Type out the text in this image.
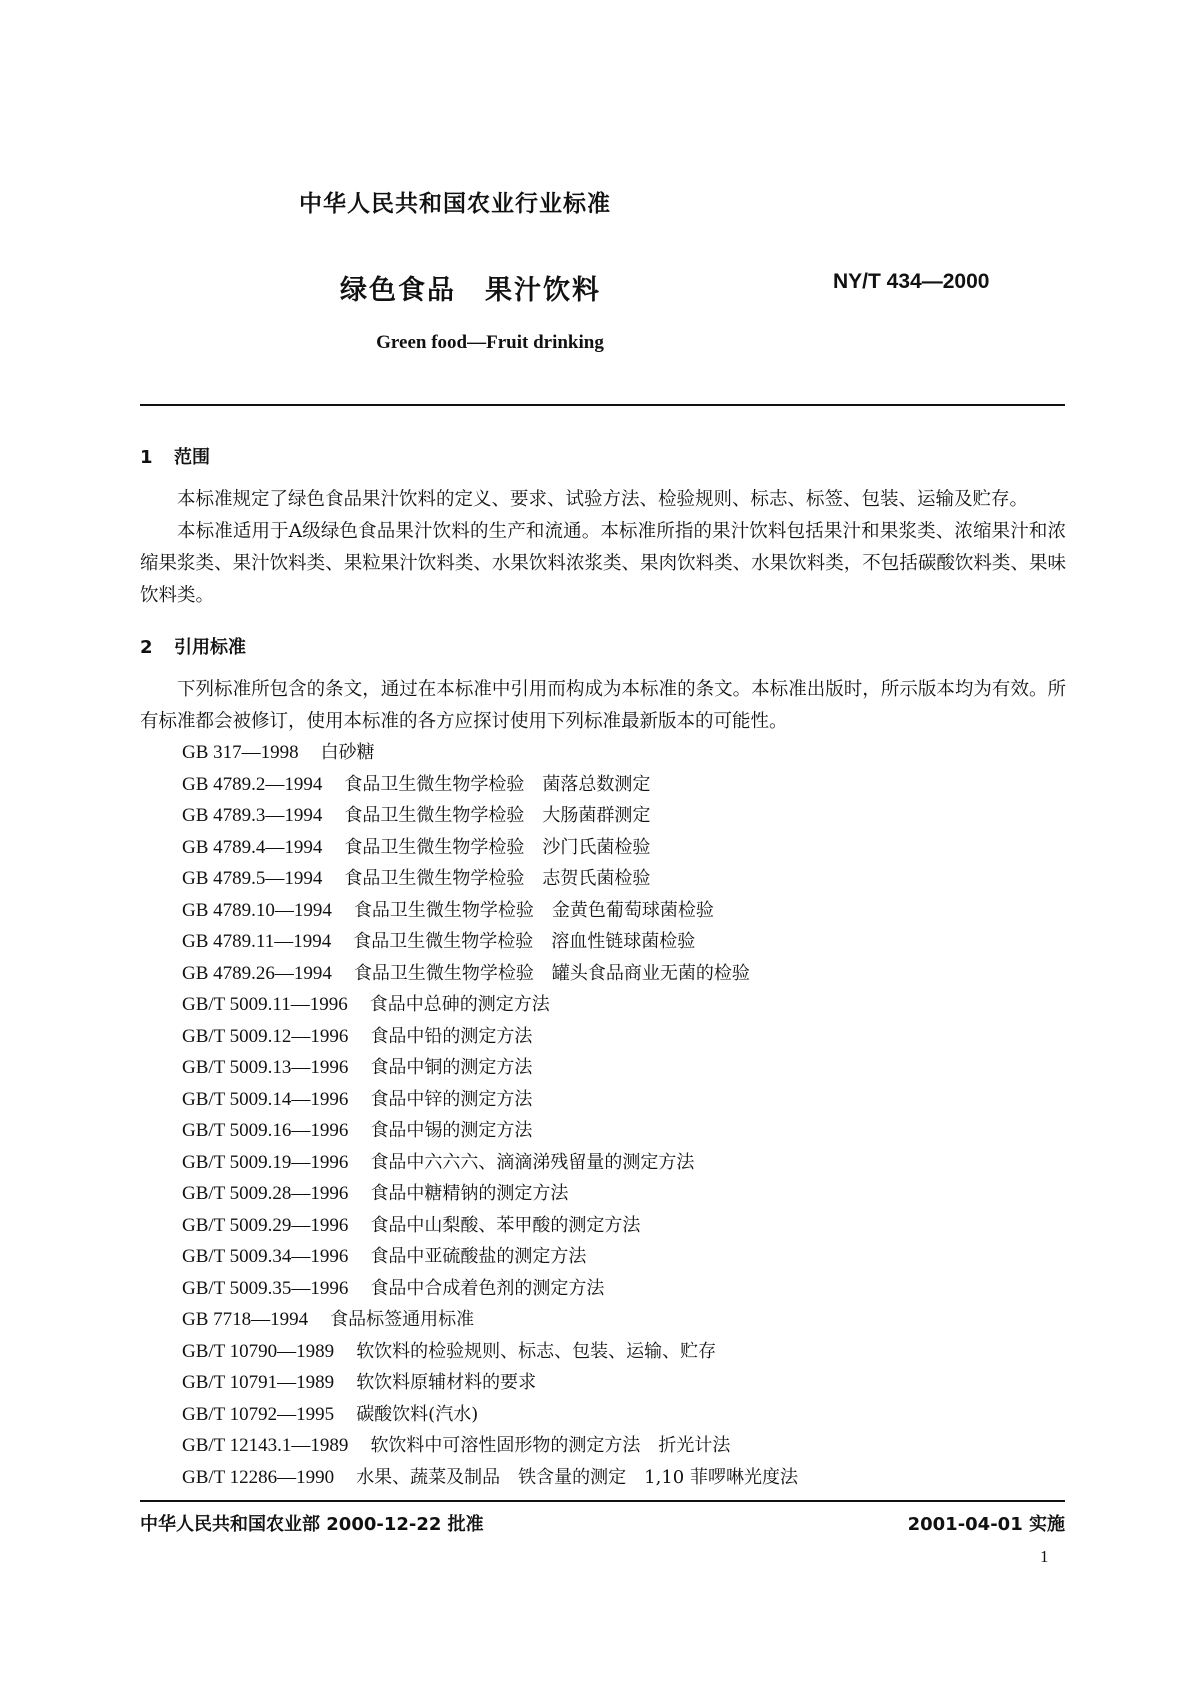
中华人民共和国农业行业标准
绿色食品　果汁饮料	NY/T 434—2000
Green food—Fruit drinking
1 范围

本标准规定了绿色食品果汁饮料的定义、要求、试验方法、检验规则、标志、标签、包装、运输及贮存。

本标准适用于A级绿色食品果汁饮料的生产和流通。本标准所指的果汁饮料包括果汁和果浆类、浓缩果汁和浓缩果浆类、果汁饮料类、果粒果汁饮料类、水果饮料浓浆类、果肉饮料类、水果饮料类，不包括碳酸饮料类、果味饮料类。

2 引用标准

下列标准所包含的条文，通过在本标准中引用而构成为本标准的条文。本标准出版时，所示版本均为有效。所有标准都会被修订，使用本标准的各方应探讨使用下列标准最新版本的可能性。

GB 317—1998 白砂糖
GB 4789.2—1994 食品卫生微生物学检验　菌落总数测定
GB 4789.3—1994 食品卫生微生物学检验　大肠菌群测定
GB 4789.4—1994 食品卫生微生物学检验　沙门氏菌检验
GB 4789.5—1994 食品卫生微生物学检验　志贺氏菌检验
GB 4789.10—1994 食品卫生微生物学检验　金黄色葡萄球菌检验
GB 4789.11—1994 食品卫生微生物学检验　溶血性链球菌检验
GB 4789.26—1994 食品卫生微生物学检验　罐头食品商业无菌的检验
GB/T 5009.11—1996 食品中总砷的测定方法
GB/T 5009.12—1996 食品中铅的测定方法
GB/T 5009.13—1996 食品中铜的测定方法
GB/T 5009.14—1996 食品中锌的测定方法
GB/T 5009.16—1996 食品中锡的测定方法
GB/T 5009.19—1996 食品中六六六、滴滴涕残留量的测定方法
GB/T 5009.28—1996 食品中糖精钠的测定方法
GB/T 5009.29—1996 食品中山梨酸、苯甲酸的测定方法
GB/T 5009.34—1996 食品中亚硫酸盐的测定方法
GB/T 5009.35—1996 食品中合成着色剂的测定方法
GB 7718—1994 食品标签通用标准
GB/T 10790—1989 软饮料的检验规则、标志、包装、运输、贮存
GB/T 10791—1989 软饮料原辅材料的要求
GB/T 10792—1995 碳酸饮料(汽水)
GB/T 12143.1—1989 软饮料中可溶性固形物的测定方法　折光计法
GB/T 12286—1990 水果、蔬菜及制品　铁含量的测定　1,10 菲啰啉光度法
中华人民共和国农业部 2000-12-22 批准	2001-04-01 实施
1
